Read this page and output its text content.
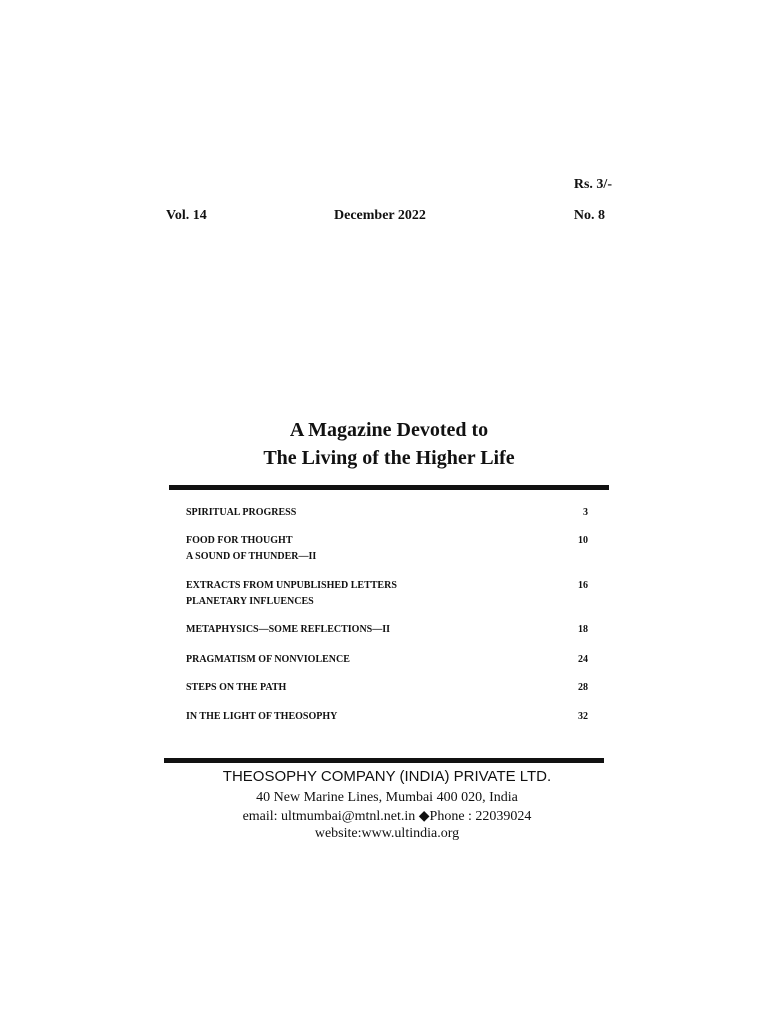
Rs. 3/-
Vol. 14	December 2022	No. 8
A Magazine Devoted to
The Living of the Higher Life
SPIRITUAL PROGRESS	3
FOOD FOR THOUGHT	10
A SOUND OF THUNDER—II
EXTRACTS FROM UNPUBLISHED LETTERS	16
PLANETARY INFLUENCES
METAPHYSICS—SOME REFLECTIONS—II	18
PRAGMATISM OF NONVIOLENCE	24
STEPS ON THE PATH	28
IN THE LIGHT OF THEOSOPHY	32
THEOSOPHY COMPANY (INDIA) PRIVATE LTD.
40 New Marine Lines, Mumbai 400 020, India
email: ultmumbai@mtnl.net.in ◆Phone : 22039024
website:www.ultindia.org
